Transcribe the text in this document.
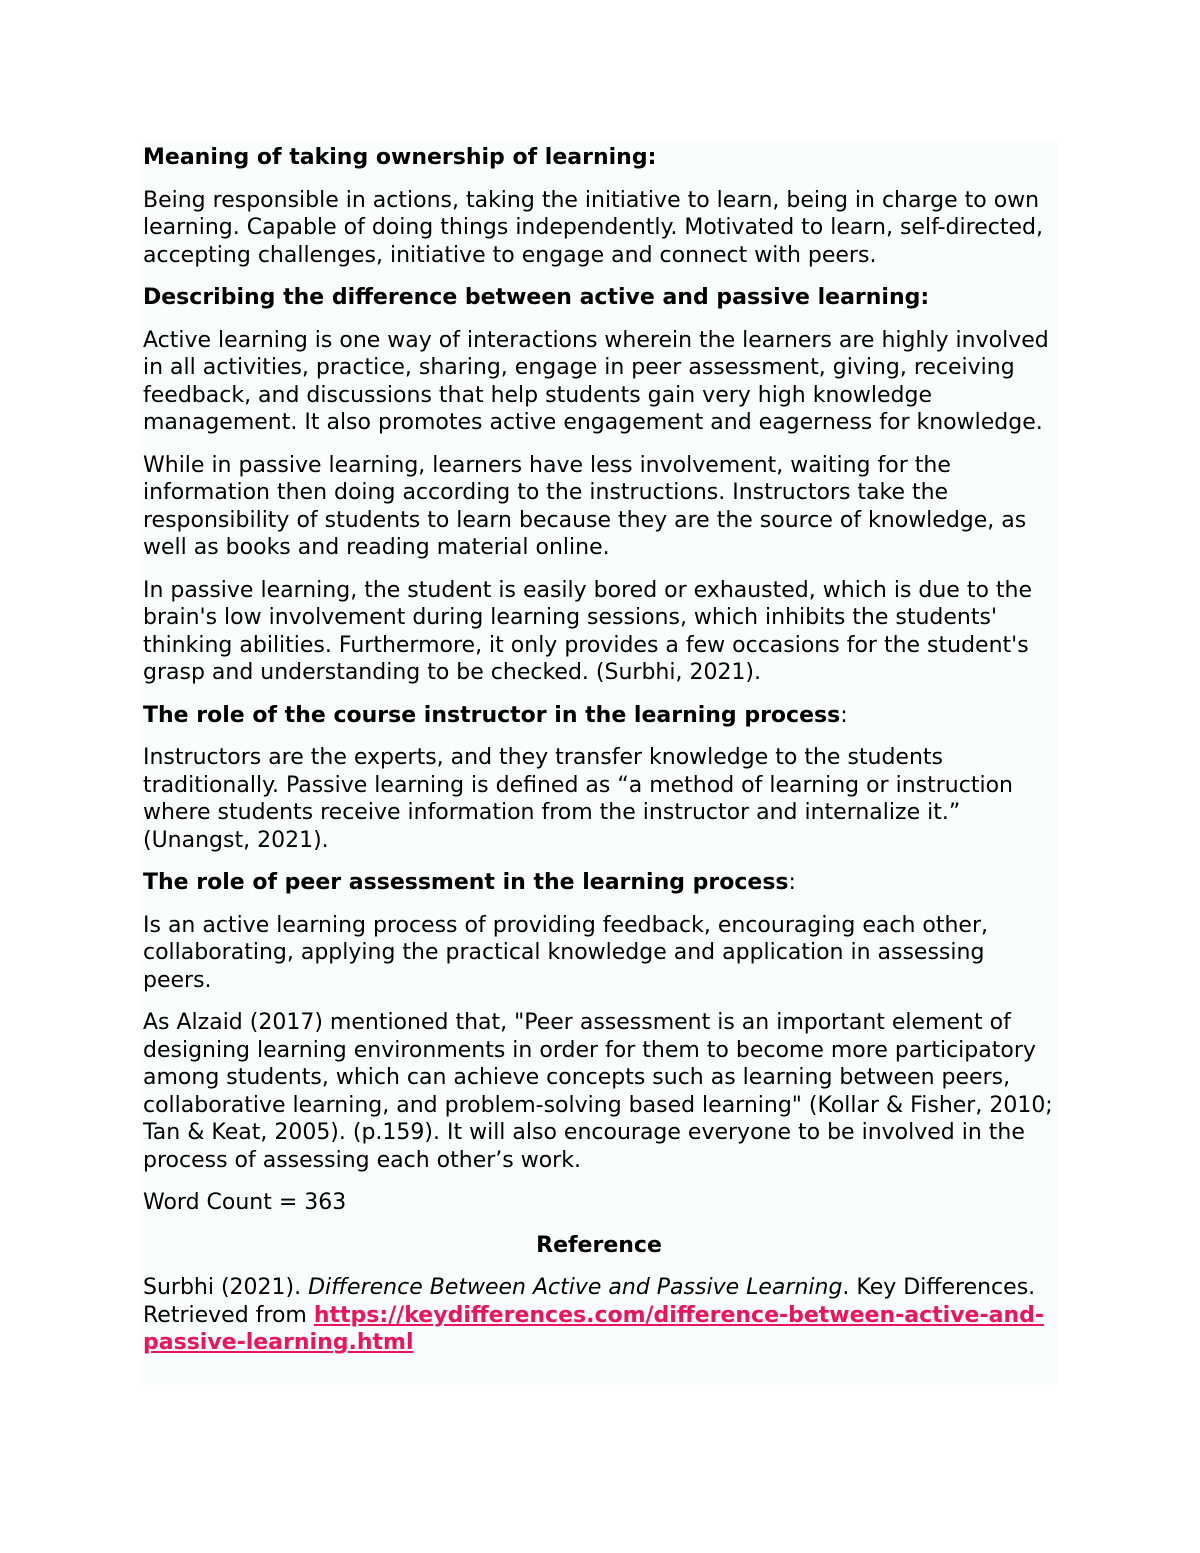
Meaning of taking ownership of learning:

Being responsible in actions, taking the initiative to learn, being in charge to own learning. Capable of doing things independently. Motivated to learn, self-directed, accepting challenges, initiative to engage and connect with peers.

Describing the difference between active and passive learning:

Active learning is one way of interactions wherein the learners are highly involved in all activities, practice, sharing, engage in peer assessment, giving, receiving feedback, and discussions that help students gain very high knowledge management. It also promotes active engagement and eagerness for knowledge.

While in passive learning, learners have less involvement, waiting for the information then doing according to the instructions. Instructors take the responsibility of students to learn because they are the source of knowledge, as well as books and reading material online.

In passive learning, the student is easily bored or exhausted, which is due to the brain's low involvement during learning sessions, which inhibits the students' thinking abilities. Furthermore, it only provides a few occasions for the student's grasp and understanding to be checked. (Surbhi, 2021).

The role of the course instructor in the learning process:

Instructors are the experts, and they transfer knowledge to the students traditionally. Passive learning is defined as “a method of learning or instruction where students receive information from the instructor and internalize it.” (Unangst, 2021).

The role of peer assessment in the learning process:

Is an active learning process of providing feedback, encouraging each other, collaborating, applying the practical knowledge and application in assessing peers.

As Alzaid (2017) mentioned that, "Peer assessment is an important element of designing learning environments in order for them to become more participatory among students, which can achieve concepts such as learning between peers, collaborative learning, and problem-solving based learning" (Kollar & Fisher, 2010; Tan & Keat, 2005). (p.159). It will also encourage everyone to be involved in the process of assessing each other’s work.

Word Count = 363

Reference

Surbhi (2021). Difference Between Active and Passive Learning. Key Differences. Retrieved from https://keydifferences.com/difference-between-active-and-passive-learning.html
